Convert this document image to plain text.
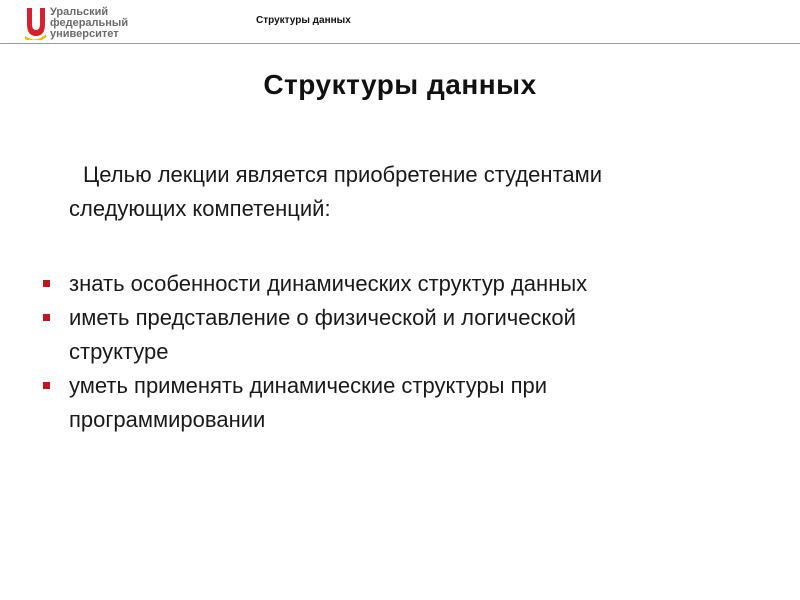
Уральский
федеральный
университет
Структуры данных
Структуры данных
Целью лекции является приобретение студентами
следующих компетенций:
знать особенности динамических структур данных
иметь представление о физической и логической
структуре
уметь применять динамические структуры при
программировании
